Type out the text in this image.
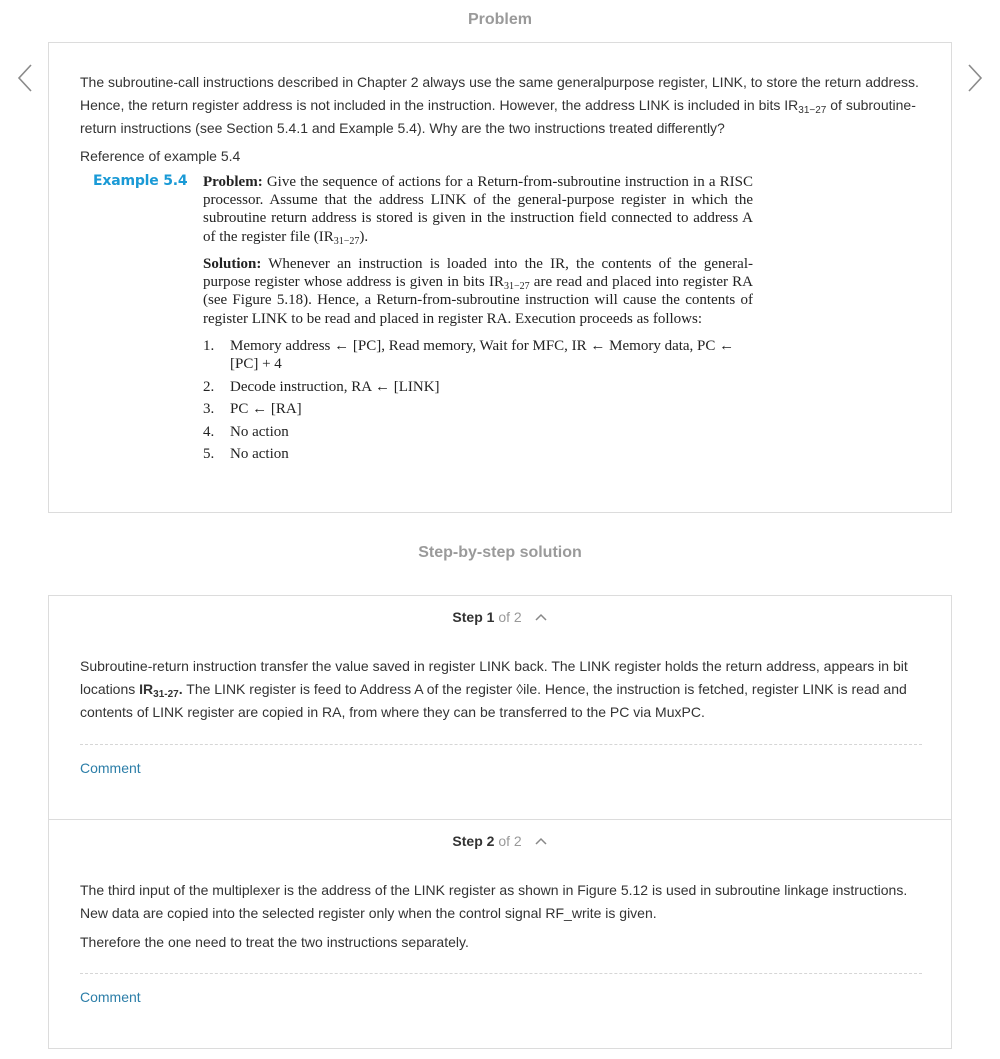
Problem
The subroutine-call instructions described in Chapter 2 always use the same generalpurpose register, LINK, to store the return address. Hence, the return register address is not included in the instruction. However, the address LINK is included in bits $IR_{31-27}$ of subroutine-return instructions (see Section 5.4.1 and Example 5.4). Why are the two instructions treated differently?
Reference of example 5.4
Example 5.4 Problem: Give the sequence of actions for a Return-from-subroutine instruction in a RISC processor. Assume that the address LINK of the general-purpose register in which the subroutine return address is stored is given in the instruction field connected to address A of the register file $(IR_{31-27})$.
Solution: Whenever an instruction is loaded into the IR, the contents of the general-purpose register whose address is given in bits $IR_{31-27}$ are read and placed into register RA (see Figure 5.18). Hence, a Return-from-subroutine instruction will cause the contents of register LINK to be read and placed in register RA. Execution proceeds as follows:
1. Memory address ← [PC], Read memory, Wait for MFC, IR ← Memory data, PC ← [PC] + 4
2. Decode instruction, RA ← [LINK]
3. PC ← [RA]
4. No action
5. No action
Step-by-step solution
Step 1 of 2
Subroutine-return instruction transfer the value saved in register LINK back. The LINK register holds the return address, appears in bit locations $IR_{31-27}$. The LINK register is feed to Address A of the register ◊ile. Hence, the instruction is fetched, register LINK is read and contents of LINK register are copied in RA, from where they can be transferred to the PC via MuxPC.
Comment
Step 2 of 2

The third input of the multiplexer is the address of the LINK register as shown in Figure 5.12 is used in subroutine linkage instructions. New data are copied into the selected register only when the control signal RF_write is given.

Therefore the one need to treat the two instructions separately.

Comment
